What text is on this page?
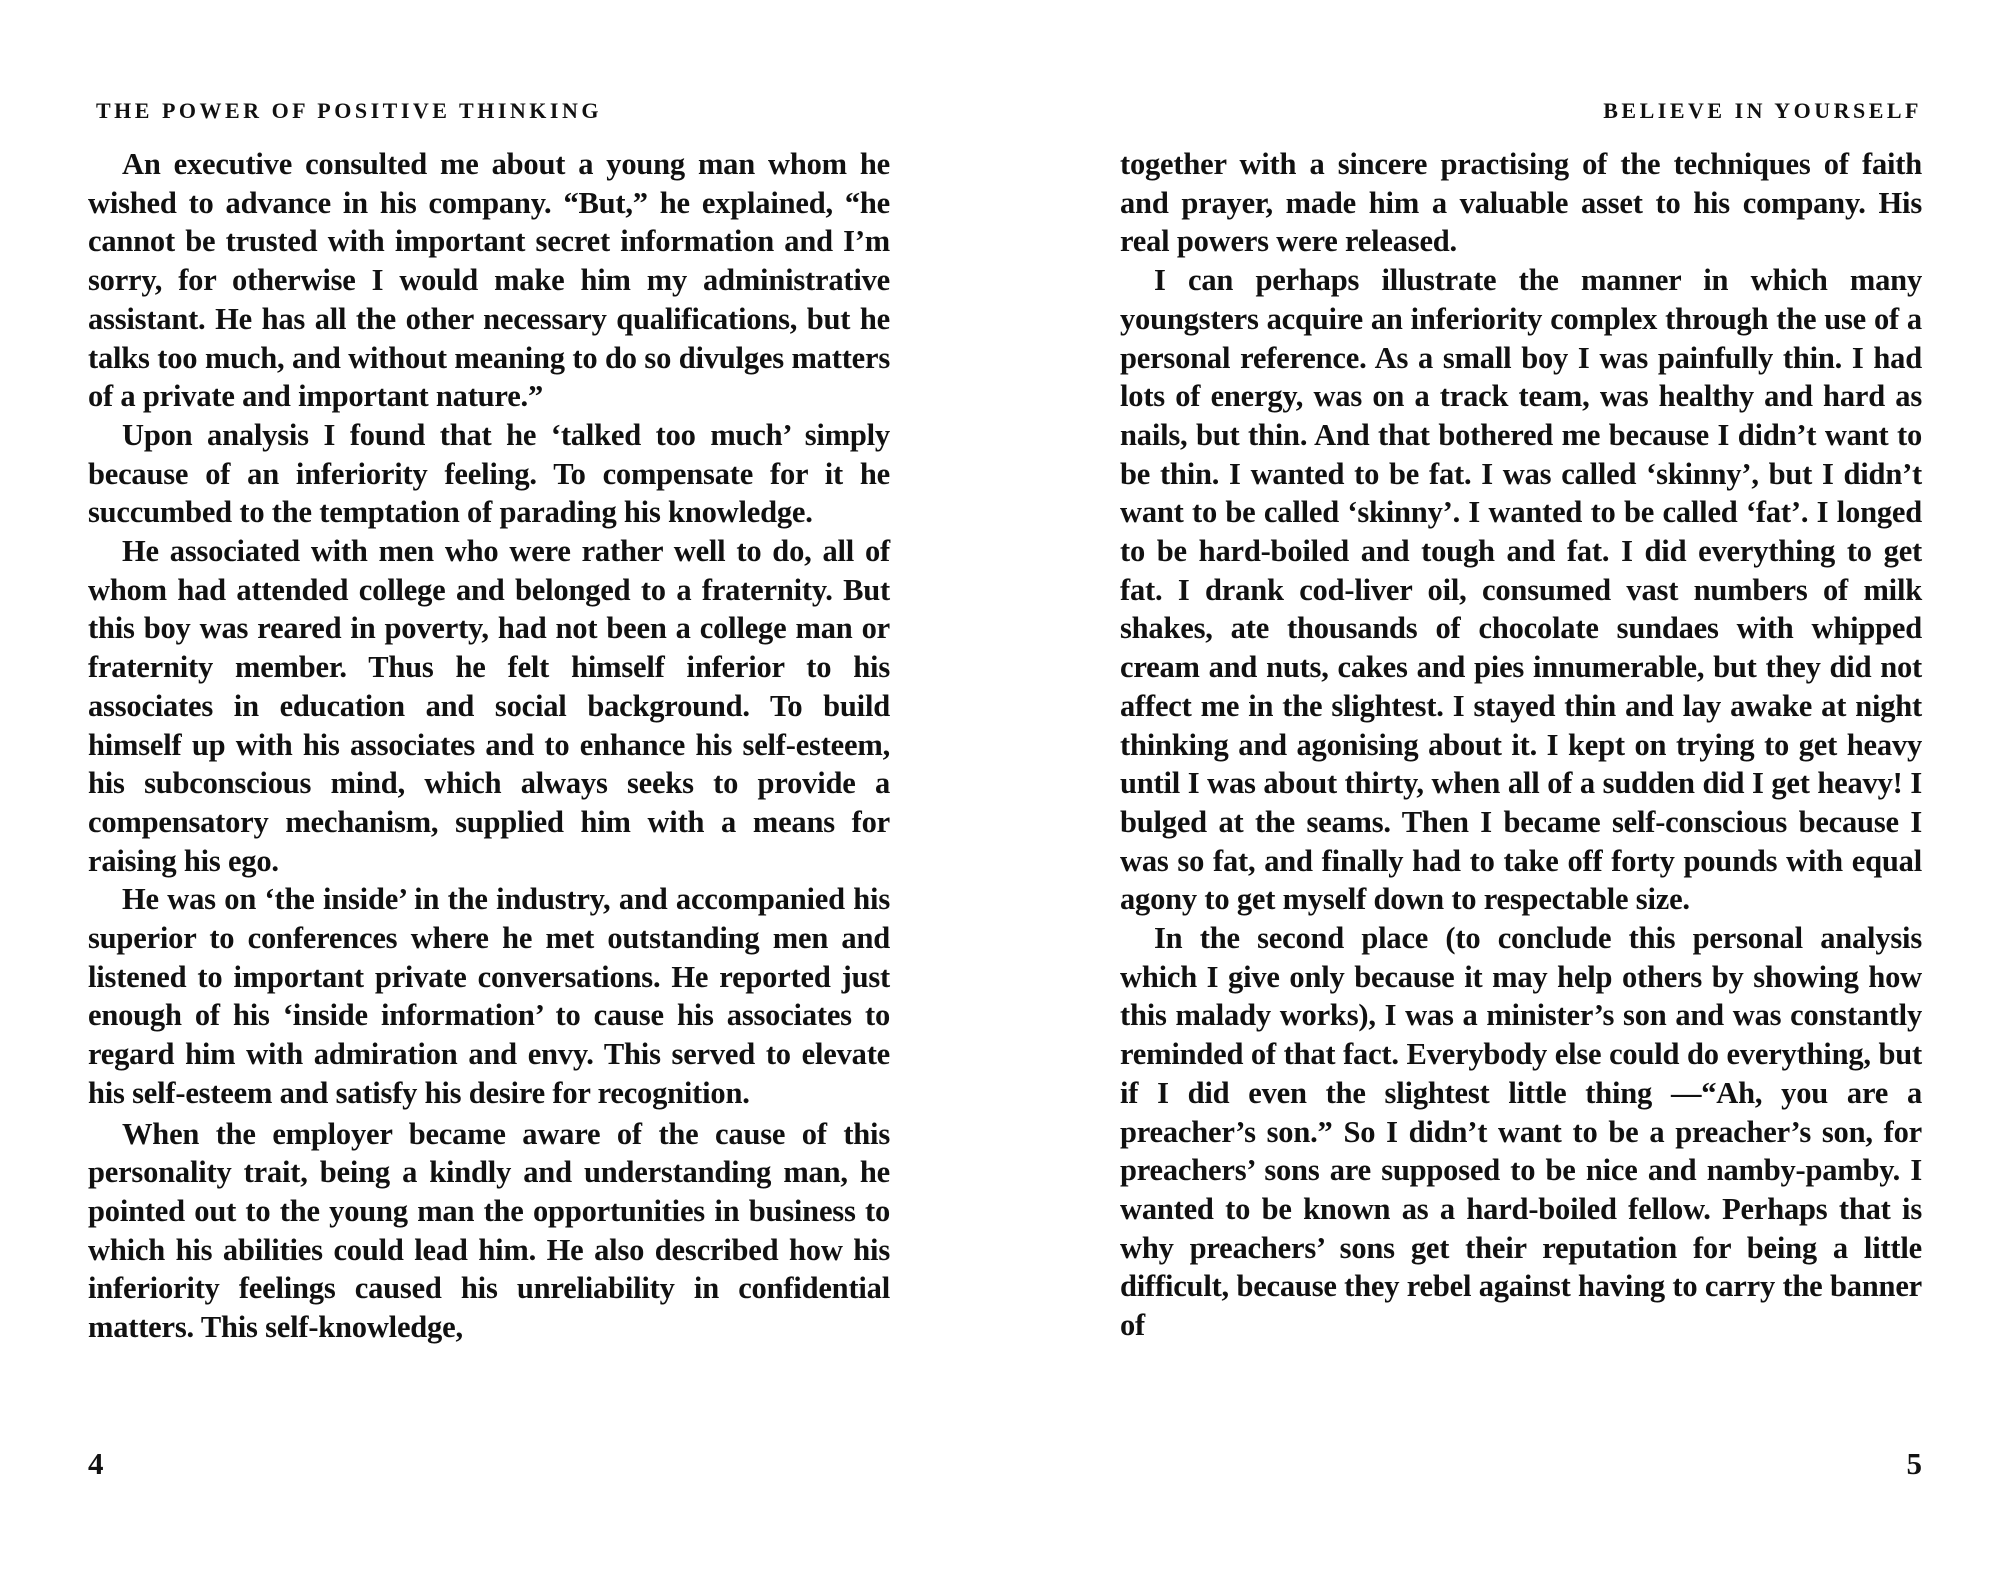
THE POWER OF POSITIVE THINKING

An executive consulted me about a young man whom he wished to advance in his company. “But,” he explained, “he cannot be trusted with important secret information and I’m sorry, for otherwise I would make him my administrative assistant. He has all the other necessary qualifications, but he talks too much, and without meaning to do so divulges matters of a private and important nature.”

Upon analysis I found that he ‘talked too much’ simply because of an inferiority feeling. To compensate for it he succumbed to the temptation of parading his knowledge.

He associated with men who were rather well to do, all of whom had attended college and belonged to a fraternity. But this boy was reared in poverty, had not been a college man or fraternity member. Thus he felt himself inferior to his associates in education and social background. To build himself up with his associates and to enhance his self-esteem, his subconscious mind, which always seeks to provide a compensatory mechanism, supplied him with a means for raising his ego.

He was on ‘the inside’ in the industry, and accompanied his superior to conferences where he met outstanding men and listened to important private conversations. He reported just enough of his ‘inside information’ to cause his associates to regard him with admiration and envy. This served to elevate his self-esteem and satisfy his desire for recognition.

When the employer became aware of the cause of this personality trait, being a kindly and understanding man, he pointed out to the young man the opportunities in business to which his abilities could lead him. He also described how his inferiority feelings caused his unreliability in confidential matters. This self-knowledge,

4
BELIEVE IN YOURSELF

together with a sincere practising of the techniques of faith and prayer, made him a valuable asset to his company. His real powers were released.

I can perhaps illustrate the manner in which many youngsters acquire an inferiority complex through the use of a personal reference. As a small boy I was painfully thin. I had lots of energy, was on a track team, was healthy and hard as nails, but thin. And that bothered me because I didn’t want to be thin. I wanted to be fat. I was called ‘skinny’, but I didn’t want to be called ‘skinny’. I wanted to be called ‘fat’. I longed to be hard-boiled and tough and fat. I did everything to get fat. I drank cod-liver oil, consumed vast numbers of milk shakes, ate thousands of chocolate sundaes with whipped cream and nuts, cakes and pies innumerable, but they did not affect me in the slightest. I stayed thin and lay awake at night thinking and agonising about it. I kept on trying to get heavy until I was about thirty, when all of a sudden did I get heavy! I bulged at the seams. Then I became self-conscious because I was so fat, and finally had to take off forty pounds with equal agony to get myself down to respectable size.

In the second place (to conclude this personal analysis which I give only because it may help others by showing how this malady works), I was a minister’s son and was constantly reminded of that fact. Everybody else could do everything, but if I did even the slightest little thing —“Ah, you are a preacher’s son.” So I didn’t want to be a preacher’s son, for preachers’ sons are supposed to be nice and namby-pamby. I wanted to be known as a hard-boiled fellow. Perhaps that is why preachers’ sons get their reputation for being a little difficult, because they rebel against having to carry the banner of

5
